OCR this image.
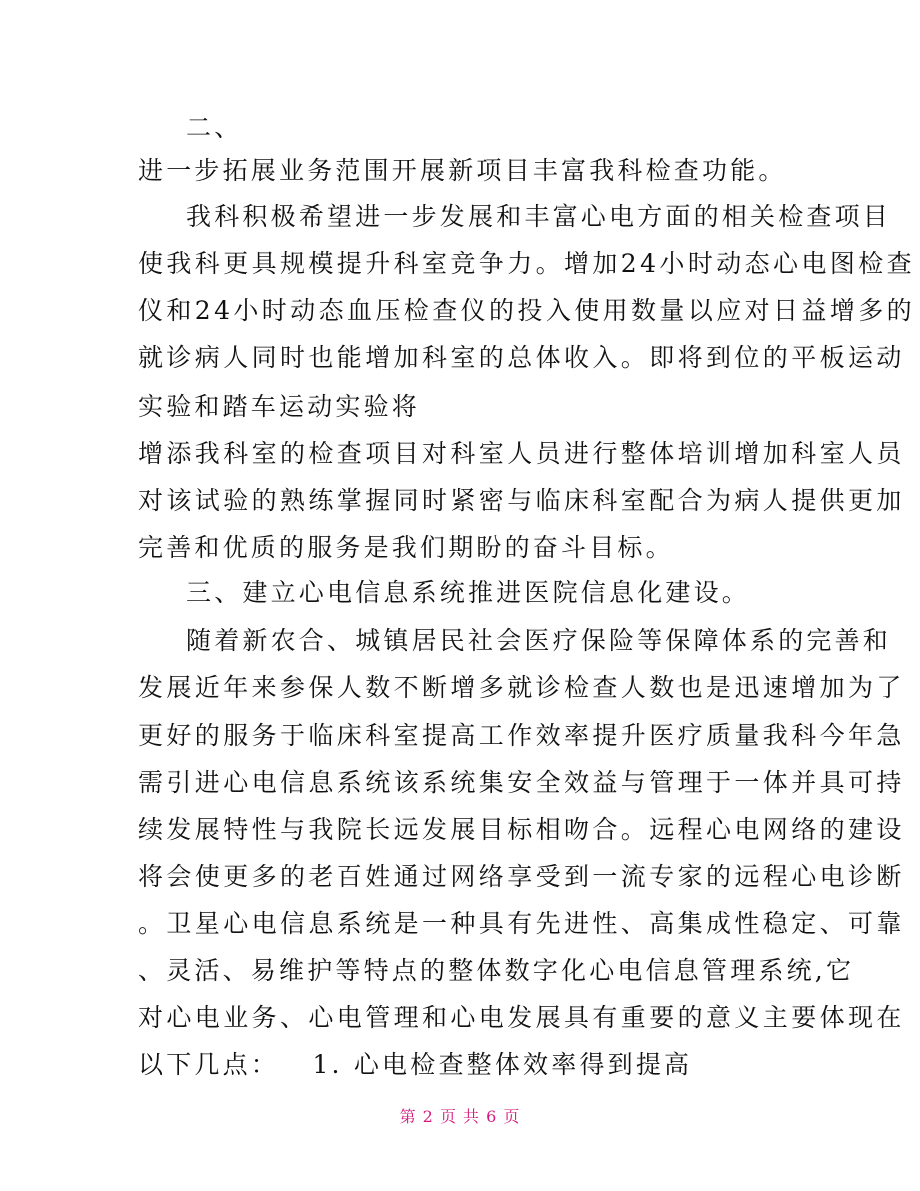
二、
进一步拓展业务范围开展新项目丰富我科检查功能。
我科积极希望进一步发展和丰富心电方面的相关检查项目
使我科更具规模提升科室竞争力。增加24小时动态心电图检查
仪和24小时动态血压检查仪的投入使用数量以应对日益增多的
就诊病人同时也能增加科室的总体收入。即将到位的平板运动
实验和踏车运动实验将
增添我科室的检查项目对科室人员进行整体培训增加科室人员
对该试验的熟练掌握同时紧密与临床科室配合为病人提供更加
完善和优质的服务是我们期盼的奋斗目标。
三、建立心电信息系统推进医院信息化建设。
随着新农合、城镇居民社会医疗保险等保障体系的完善和
发展近年来参保人数不断增多就诊检查人数也是迅速增加为了
更好的服务于临床科室提高工作效率提升医疗质量我科今年急
需引进心电信息系统该系统集安全效益与管理于一体并具可持
续发展特性与我院长远发展目标相吻合。远程心电网络的建设
将会使更多的老百姓通过网络享受到一流专家的远程心电诊断
。卫星心电信息系统是一种具有先进性、高集成性稳定、可靠
、灵活、易维护等特点的整体数字化心电信息管理系统,它
对心电业务、心电管理和心电发展具有重要的意义主要体现在
以下几点：   1. 心电检查整体效率得到提高
第 2 页 共 6 页
